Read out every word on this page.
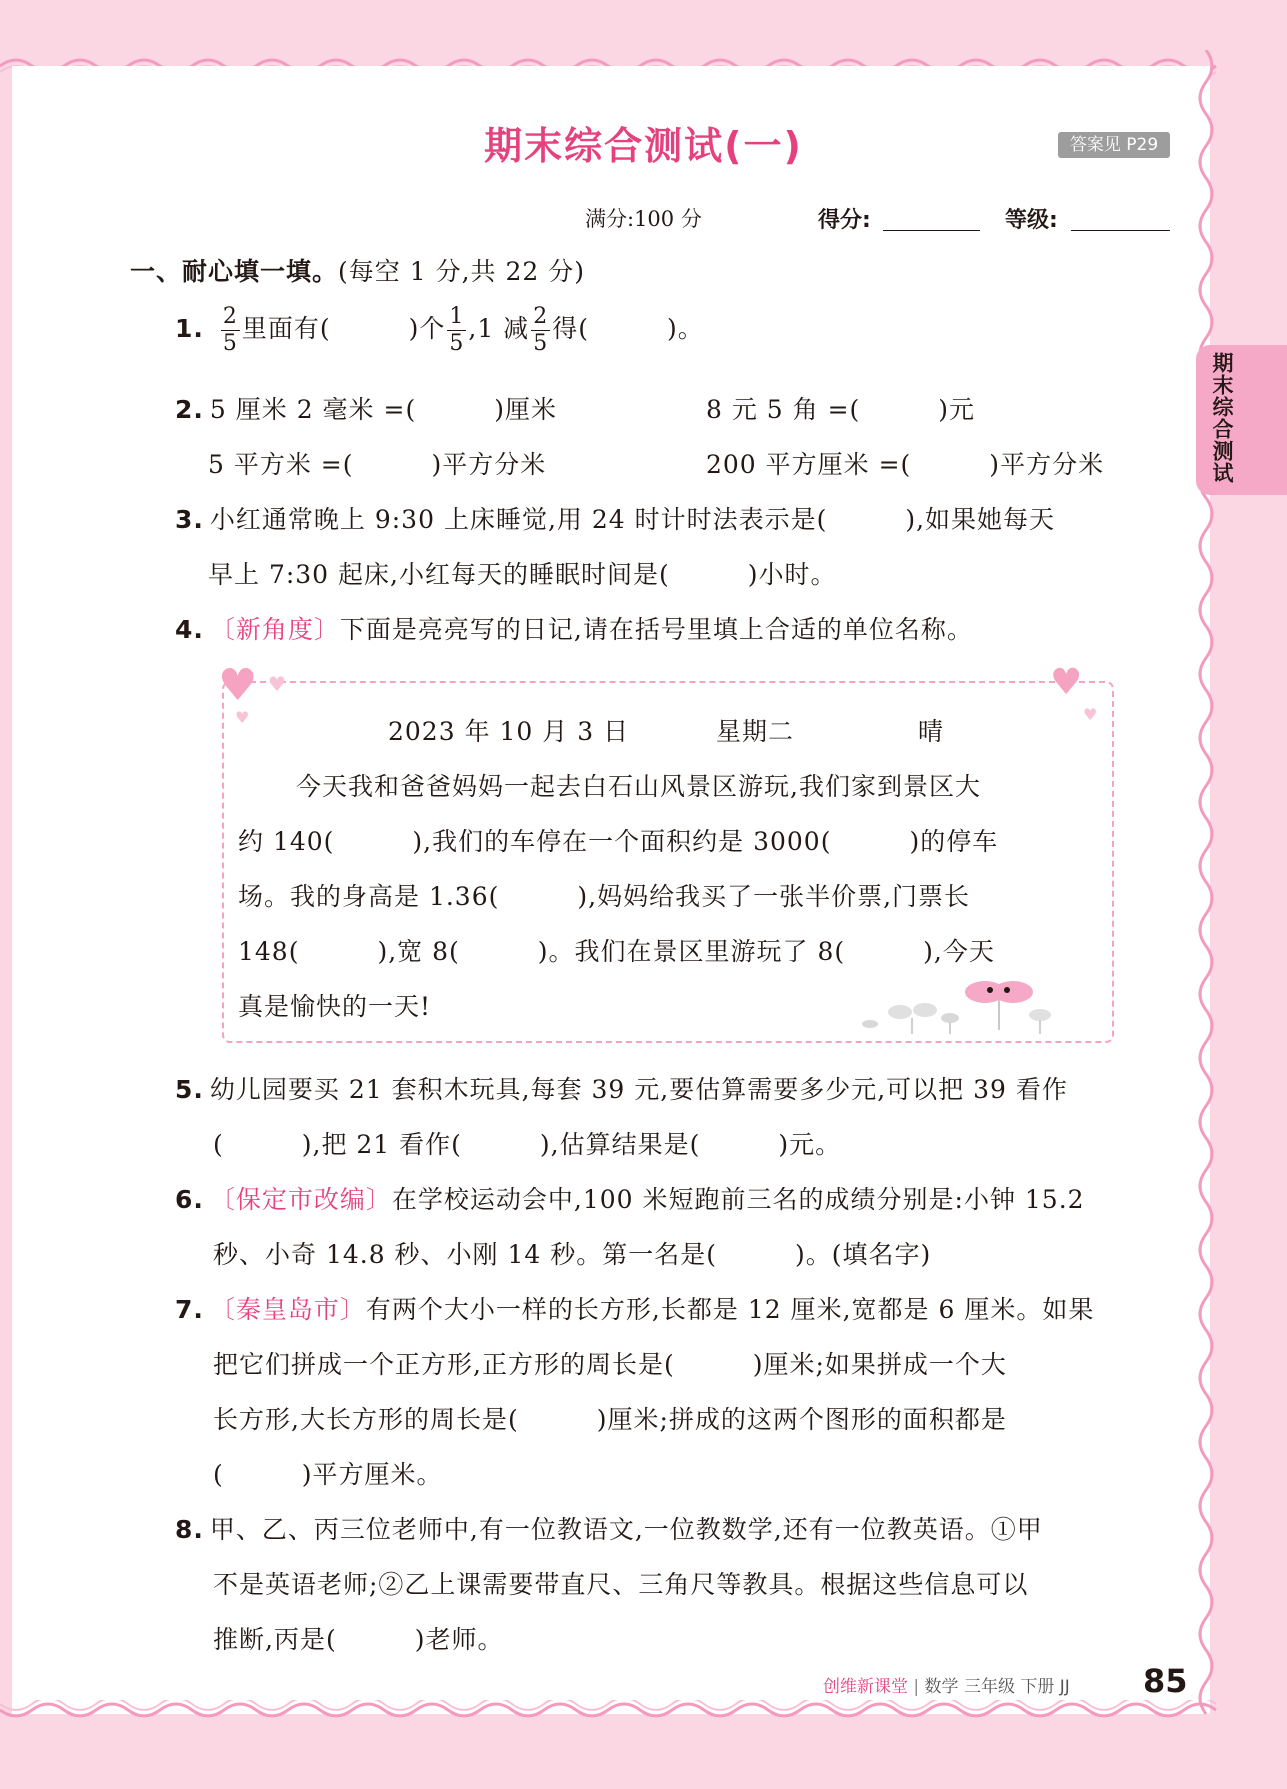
期末综合测试
期末综合测试(一)	答案见 P29
满分:100 分	得分:	等级:
一、耐心填一填。(每空 1 分,共 22 分)
1. $\frac{2}{5}$ 里面有(　　　)个 $\frac{1}{5} ,1$ 减 $\frac{2}{5}$ 得(　　　)。
2. 5 厘米 2 毫米 =(　　　)厘米	8 元 5 角 =(　　　)元
5 平方米 =(　　　)平方分米	200 平方厘米 =(　　　)平方分米
3. 小红通常晚上 9:30 上床睡觉,用 24 时计时法表示是(　　　),如果她每天
早上 7:30 起床,小红每天的睡眠时间是(　　　)小时。
4. 〔新角度〕下面是亮亮写的日记,请在括号里填上合适的单位名称。
♥ ♥
♥
♥
♥
2023 年 10 月 3 日	星期二	晴
今天我和爸爸妈妈一起去白石山风景区游玩,我们家到景区大
约 140(　　　),我们的车停在一个面积约是 3000(　　　)的停车
场。我的身高是 1.36(　　　),妈妈给我买了一张半价票,门票长
148(　　　),宽 8(　　　)。我们在景区里游玩了 8(　　　),今天
真是愉快的一天!
5. 幼儿园要买 21 套积木玩具,每套 39 元,要估算需要多少元,可以把 39 看作
(　　　),把 21 看作(　　　),估算结果是(　　　)元。
6. 〔保定市改编〕在学校运动会中,100 米短跑前三名的成绩分别是:小钟 15.2
秒、小奇 14.8 秒、小刚 14 秒。第一名是(　　　)。(填名字)
7. 〔秦皇岛市〕有两个大小一样的长方形,长都是 12 厘米,宽都是 6 厘米。如果
把它们拼成一个正方形,正方形的周长是(　　　)厘米;如果拼成一个大
长方形,大长方形的周长是(　　　)厘米;拼成的这两个图形的面积都是
(　　　)平方厘米。
8. 甲、乙、丙三位老师中,有一位教语文,一位教数学,还有一位教英语。①甲
不是英语老师;②乙上课需要带直尺、三角尺等教具。根据这些信息可以
推断,丙是(　　　)老师。
创维新课堂 | 数学 三年级 下册 JJ 85
